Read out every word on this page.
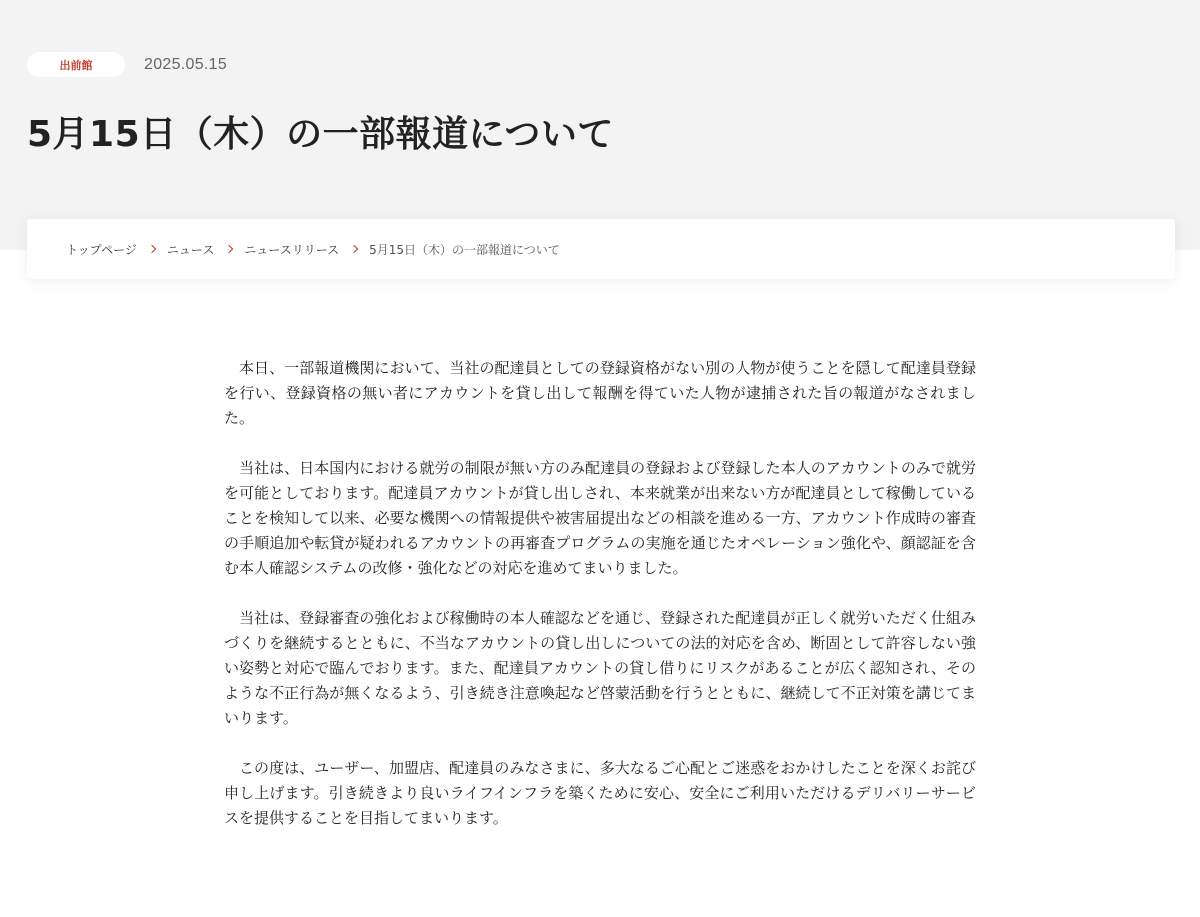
出前館	2025.05.15
5月15日（木）の一部報道について
トップページ	ニュース	ニュースリリース	5月15日（木）の一部報道について

本日、一部報道機関において、当社の配達員としての登録資格がない別の人物が使うことを隠して配達員登録を行い、登録資格の無い者にアカウントを貸し出して報酬を得ていた人物が逮捕された旨の報道がなされました。

当社は、日本国内における就労の制限が無い方のみ配達員の登録および登録した本人のアカウントのみで就労を可能としております。配達員アカウントが貸し出しされ、本来就業が出来ない方が配達員として稼働していることを検知して以来、必要な機関への情報提供や被害届提出などの相談を進める一方、アカウント作成時の審査の手順追加や転貸が疑われるアカウントの再審査プログラムの実施を通じたオペレーション強化や、顔認証を含む本人確認システムの改修・強化などの対応を進めてまいりました。

当社は、登録審査の強化および稼働時の本人確認などを通じ、登録された配達員が正しく就労いただく仕組みづくりを継続するとともに、不当なアカウントの貸し出しについての法的対応を含め、断固として許容しない強い姿勢と対応で臨んでおります。また、配達員アカウントの貸し借りにリスクがあることが広く認知され、そのような不正行為が無くなるよう、引き続き注意喚起など啓蒙活動を行うとともに、継続して不正対策を講じてまいります。

この度は、ユーザー、加盟店、配達員のみなさまに、多大なるご心配とご迷惑をおかけしたことを深くお詫び申し上げます。引き続きより良いライフインフラを築くために安心、安全にご利用いただけるデリバリーサービスを提供することを目指してまいります。
